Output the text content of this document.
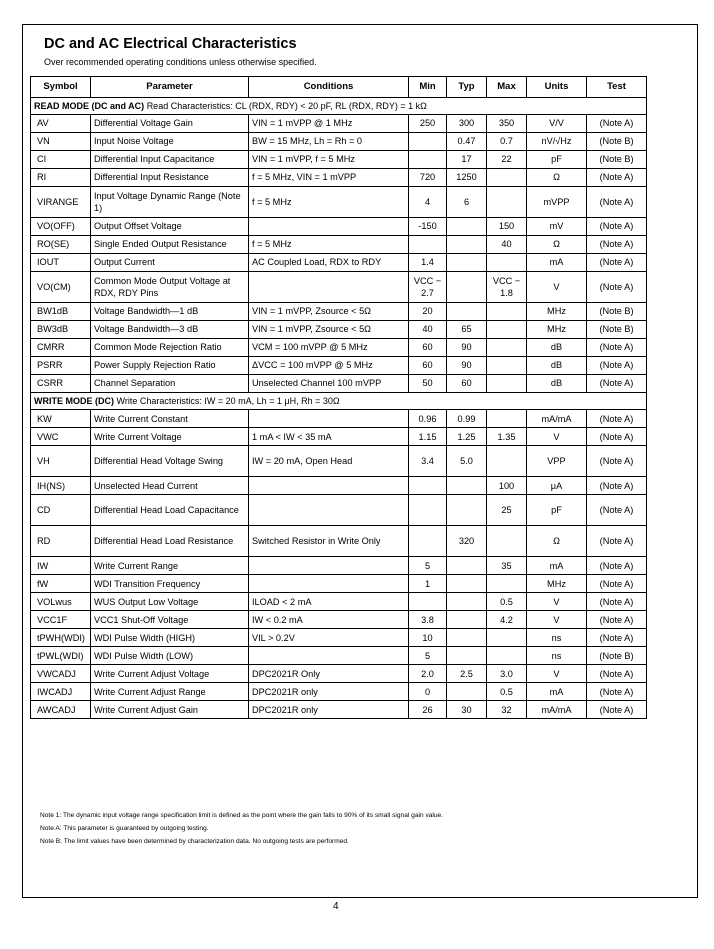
DC and AC Electrical Characteristics

Over recommended operating conditions unless otherwise specified.

Symbol	Parameter	Conditions	Min	Typ	Max	Units	Test
READ MODE (DC and AC) Read Characteristics: CL (RDX, RDY) < 20 pF, RL (RDX, RDY) = 1 kΩ							
AV	Differential Voltage Gain	VIN = 1 mVPP @ 1 MHz	250	300	350	V/V	(Note A)
VN	Input Noise Voltage	BW = 15 MHz, Lh = Rh = 0		0.47	0.7	nV/√Hz	(Note B)
CI	Differential Input Capacitance	VIN = 1 mVPP, f = 5 MHz		17	22	pF	(Note B)
RI	Differential Input Resistance	f = 5 MHz, VIN = 1 mVPP	720	1250		Ω	(Note A)
VIRANGE	Input Voltage Dynamic Range (Note 1)	f = 5 MHz	4	6		mVPP	(Note A)
VO(OFF)	Output Offset Voltage		-150		150	mV	(Note A)
RO(SE)	Single Ended Output Resistance	f = 5 MHz			40	Ω	(Note A)
IOUT	Output Current	AC Coupled Load, RDX to RDY	1.4			mA	(Note A)
VO(CM)	Common Mode Output Voltage at RDX, RDY Pins		VCC − 2.7		VCC − 1.8	V	(Note A)
BW1dB	Voltage Bandwidth—1 dB	VIN = 1 mVPP, Zsource < 5Ω	20			MHz	(Note B)
BW3dB	Voltage Bandwidth—3 dB	VIN = 1 mVPP, Zsource < 5Ω	40	65		MHz	(Note B)
CMRR	Common Mode Rejection Ratio	VCM = 100 mVPP @ 5 MHz	60	90		dB	(Note A)
PSRR	Power Supply Rejection Ratio	ΔVCC = 100 mVPP @ 5 MHz	60	90		dB	(Note A)
CSRR	Channel Separation	Unselected Channel 100 mVPP	50	60		dB	(Note A)
WRITE MODE (DC) Write Characteristics: IW = 20 mA, Lh = 1 μH, Rh = 30Ω							
KW	Write Current Constant		0.96	0.99		mA/mA	(Note A)
VWC	Write Current Voltage	1 mA < IW < 35 mA	1.15	1.25	1.35	V	(Note A)
VH	Differential Head Voltage Swing	IW = 20 mA, Open Head	3.4	5.0		VPP	(Note A)
IH(NS)	Unselected Head Current				100	μA	(Note A)
CD	Differential Head Load Capacitance				25	pF	(Note A)
RD	Differential Head Load Resistance	Switched Resistor in Write Only		320		Ω	(Note A)
IW	Write Current Range		5		35	mA	(Note A)
fW	WDI Transition Frequency		1			MHz	(Note A)
VOLwus	WUS Output Low Voltage	ILOAD < 2 mA			0.5	V	(Note A)
VCC1F	VCC1 Shut-Off Voltage	IW < 0.2 mA	3.8		4.2	V	(Note A)
tPWH(WDI)	WDI Pulse Width (HIGH)	VIL > 0.2V	10			ns	(Note A)
tPWL(WDI)	WDI Pulse Width (LOW)		5			ns	(Note B)
VWCADJ	Write Current Adjust Voltage	DPC2021R Only	2.0	2.5	3.0	V	(Note A)
IWCADJ	Write Current Adjust Range	DPC2021R only	0		0.5	mA	(Note A)
AWCADJ	Write Current Adjust Gain	DPC2021R only	26	30	32	mA/mA	(Note A)

Note 1: The dynamic input voltage range specification limit is defined as the point where the gain falls to 90% of its small signal gain value.

Note A: This parameter is guaranteed by outgoing testing.

Note B: The limit values have been determined by characterization data. No outgoing tests are performed.

4
